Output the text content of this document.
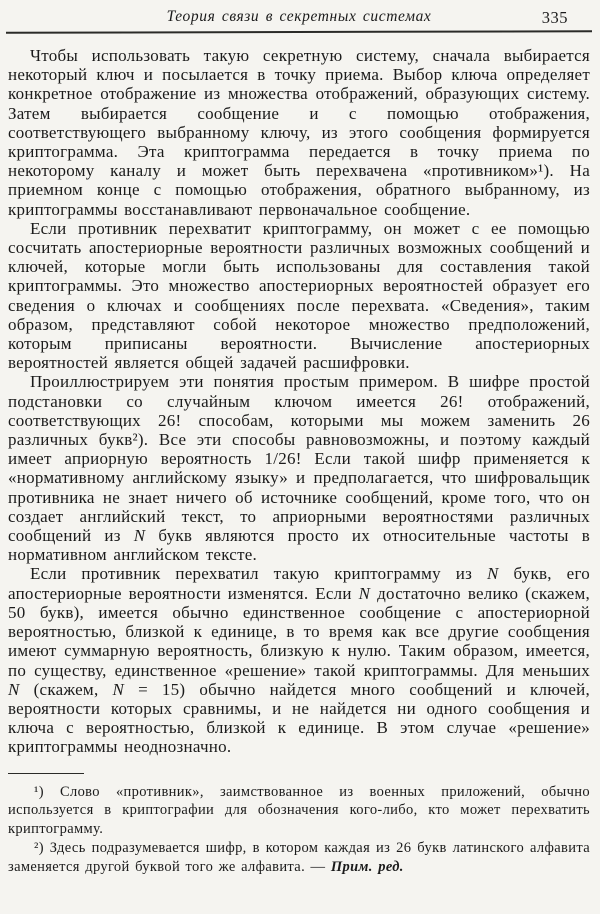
Теория связи в секретных системах	335

Чтобы использовать такую секретную систему, сначала выбирается некоторый ключ и посылается в точку приема. Выбор ключа определяет конкретное отображение из множества отображений, образующих систему. Затем выбирается сообщение и с помощью отображения, соответствующего выбранному ключу, из этого сообщения формируется криптограмма. Эта криптограмма передается в точку приема по некоторому каналу и может быть перехвачена «противником»¹). На приемном конце с помощью отображения, обратного выбранному, из криптограммы восстанавливают первоначальное сообщение.

Если противник перехватит криптограмму, он может с ее помощью сосчитать апостериорные вероятности различных возможных сообщений и ключей, которые могли быть использованы для составления такой криптограммы. Это множество апостериорных вероятностей образует его сведения о ключах и сообщениях после перехвата. «Сведения», таким образом, представляют собой некоторое множество предположений, которым приписаны вероятности. Вычисление апостериорных вероятностей является общей задачей расшифровки.

Проиллюстрируем эти понятия простым примером. В шифре простой подстановки со случайным ключом имеется 26! отображений, соответствующих 26! способам, которыми мы можем заменить 26 различных букв²). Все эти способы равновозможны, и поэтому каждый имеет априорную вероятность 1/26! Если такой шифр применяется к «нормативному английскому языку» и предполагается, что шифровальщик противника не знает ничего об источнике сообщений, кроме того, что он создает английский текст, то априорными вероятностями различных сообщений из N букв являются просто их относительные частоты в нормативном английском тексте.

Если противник перехватил такую криптограмму из N букв, его апостериорные вероятности изменятся. Если N достаточно велико (скажем, 50 букв), имеется обычно единственное сообщение с апостериорной вероятностью, близкой к единице, в то время как все другие сообщения имеют суммарную вероятность, близкую к нулю. Таким образом, имеется, по существу, единственное «решение» такой криптограммы. Для меньших N (скажем, N = 15) обычно найдется много сообщений и ключей, вероятности которых сравнимы, и не найдется ни одного сообщения и ключа с вероятностью, близкой к единице. В этом случае «решение» криптограммы неоднозначно.

¹) Слово «противник», заимствованное из военных приложений, обычно используется в криптографии для обозначения кого-либо, кто может перехватить криптограмму.

²) Здесь подразумевается шифр, в котором каждая из 26 букв латинского алфавита заменяется другой буквой того же алфавита. — Прим. ред.
